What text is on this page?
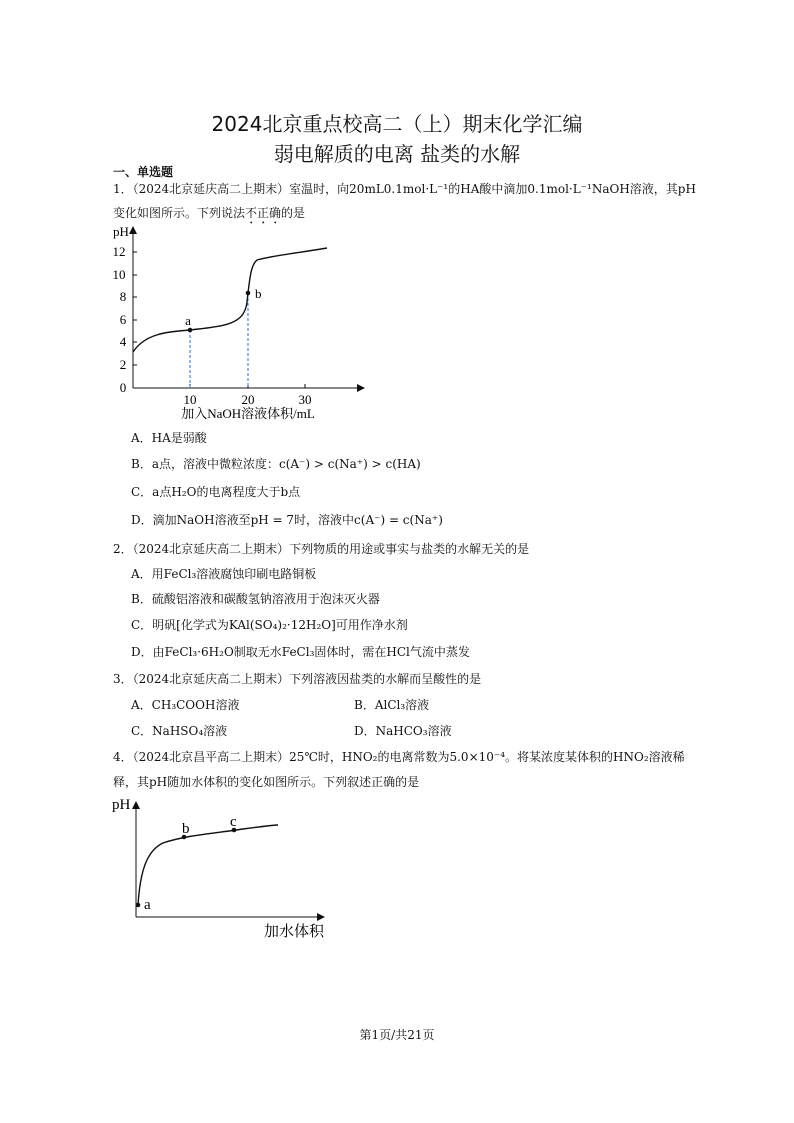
2024北京重点校高二（上）期末化学汇编
弱电解质的电离 盐类的水解
一、单选题
1．（2024北京延庆高二上期末）室温时，向20mL0.1mol·L⁻¹的HA酸中滴加0.1mol·L⁻¹NaOH溶液，其pH
变化如图所示。下列说法不正确的是
0
2
4
6
8
10
12
pH
10	20	30
加入NaOH溶液体积/mL
a
b
A．HA是弱酸
B．a点，溶液中微粒浓度：c(A⁻) > c(Na⁺) > c(HA)
C．a点H₂O的电离程度大于b点
D．滴加NaOH溶液至pH = 7时，溶液中c(A⁻) = c(Na⁺)
2．（2024北京延庆高二上期末）下列物质的用途或事实与盐类的水解无关的是
A．用FeCl₃溶液腐蚀印刷电路铜板
B．硫酸铝溶液和碳酸氢钠溶液用于泡沫灭火器
C．明矾[化学式为KAl(SO₄)₂·12H₂O]可用作净水剂
D．由FeCl₃·6H₂O制取无水FeCl₃固体时，需在HCl气流中蒸发
3．（2024北京延庆高二上期末）下列溶液因盐类的水解而呈酸性的是
A．CH₃COOH溶液	B．AlCl₃溶液
C．NaHSO₄溶液	D．NaHCO₃溶液
4．（2024北京昌平高二上期末）25℃时，HNO₂的电离常数为5.0×10⁻⁴。将某浓度某体积的HNO₂溶液稀
释，其pH随加水体积的变化如图所示。下列叙述正确的是
pH
a
b	c
加水体积
第1页/共21页
